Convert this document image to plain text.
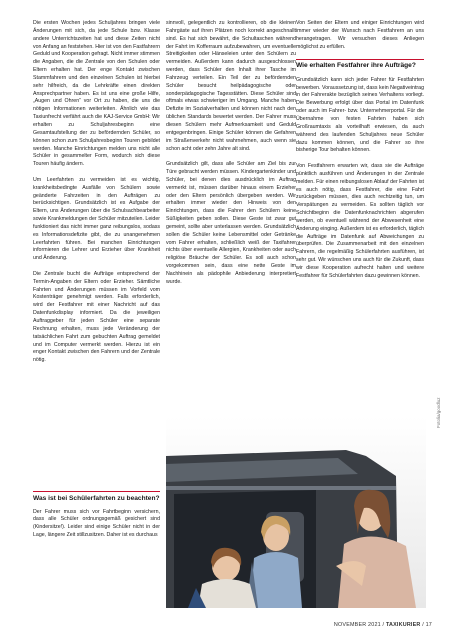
Die ersten Wochen jedes Schuljahres bringen viele Änderungen mit sich, da jede Schule bzw. Klasse andere Unterrichtszeiten hat und diese Zeiten nicht von Anfang an feststehen. Hier ist von den Fastfahrern Geduld und Kooperation gefragt. Nicht immer stimmen die Angaben, die die Zentrale von den Schulen oder Eltern erhalten hat. Der enge Kontakt zwischen Stammfahrern und den einzelnen Schulen ist hierbei sehr hilfreich, da die Lehrkräfte einen direkten Ansprechpartner haben. Es ist uns eine große Hilfe, „Augen und Ohren“ vor Ort zu haben, die uns die nötigen Informationen weiterleiten. Ähnlich wie das Taxiunfrecht verfährt auch die KAJ-Service GmbH: Wir erhalten zu Schuljahresbeginn eine Gesamtaufstellung der zu befördernden Schüler, so können schon zum Schuljahresbeginn Touren gebildet werden. Manche Einrichtungen melden uns nicht alle Schüler in gesammelter Form, wodurch sich diese Touren häufig ändern.

Um Leerfahrten zu vermeiden ist es wichtig, krankheitsbedingte Ausfälle von Schülern sowie geänderte Fahrzeiten in den Aufträgen zu berücksichtigen. Grundsätzlich ist es Aufgabe der Eltern, uns Änderungen über die Schulsachbearbeiter sowie Krankmeldungen der Schüler mitzuteilen. Leider funktioniert das nicht immer ganz reibungslos, sodass es Informationsdefizite gibt, die zu unangenehmen Leerfahrten führen. Bei manchen Einrichtungen informieren die Lehrer und Erzieher über Krankheit und Änderung.

Die Zentrale bucht die Aufträge entsprechend der Termin-Angaben der Eltern oder Erzieher. Sämtliche Fahrten und Änderungen müssen im Vorfeld vom Kostenträger genehmigt werden. Falls erforderlich, wird der Festfahrer mit einer Nachricht auf das Datenfunkdisplay informiert. Da die jeweiligen Auftraggeber für jeden Schüler eine separate Rechnung erhalten, muss jede Veränderung der tatsächlichen Fahrt zum gebuchten Auftrag gemeldet und im Computer vermerkt werden. Hierzu ist ein enger Kontakt zwischen den Fahrern und der Zentrale nötig.

Was ist bei Schülerfahrten zu beachten?

Der Fahrer muss sich vor Fahrtbeginn versichern, dass alle Schüler ordnungsgemäß gesichert sind (Kindersitze!). Leider sind einige Schüler nicht in der Lage, längere Zeit stillzusitzen. Daher ist es durchaus

sinnvoll, gelegentlich zu kontrollieren, ob die kleinen Fahrgäste auf ihren Plätzen noch korrekt angeschnallt sind. Es hat sich bewährt, die Schultaschen während der Fahrt im Kofferraum aufzubewahren, um eventuelle Streitigkeiten oder Hänseleien unter den Schülern zu vermeiden. Außerdem kann dadurch ausgeschlossen werden, dass Schüler den Inhalt ihrer Tasche im Fahrzeug verteilen. Ein Teil der zu befördernden Schüler besucht heilpädagogische oder sonderpädagogische Tagesstätten. Diese Schüler sind oftmals etwas schwieriger im Umgang. Manche haben Defizite im Sozialverhalten und können nicht nach den üblichen Standards bewertet werden. Der Fahrer muss diesen Schülern mehr Aufmerksamkeit und Geduld entgegenbringen. Einige Schüler können die Gefahren im Straßenverkehr nicht wahrnehmen, auch wenn sie schon acht oder zehn Jahre alt sind.

Grundsätzlich gilt, dass alle Schüler am Ziel bis zur Türe gebracht werden müssen. Kindergartenkinder und Schüler, bei denen dies ausdrücklich im Auftrag vermerkt ist, müssen darüber hinaus einem Erzieher oder den Eltern persönlich übergeben werden. Wir erhalten immer wieder den Hinweis von den Einrichtungen, dass die Fahrer den Schülern keine Süßigkeiten geben sollen. Diese Geste ist zwar gut gemeint, sollte aber unterlassen werden. Grundsätzlich sollen die Schüler keine Lebensmittel oder Getränke vom Fahrer erhalten, schließlich weiß der Taxifahrer nichts über eventuelle Allergien, Krankheiten oder auch religiöse Bräuche der Schüler. Es soll auch schon vorgekommen sein, dass eine nette Geste im Nachhinein als pädophile Anbiederung interpretiert wurde.

Von Seiten der Eltern und einiger Einrichtungen wird immer wieder der Wunsch nach Festfahrern an uns herangetragen. Wir versuchen dieses Anliegen möglichst zu erfüllen.

Wie erhalten Festfahrer ihre Aufträge?

Grundsätzlich kann sich jeder Fahrer für Festfahrten bewerben. Voraussetzung ist, dass kein Negativeintrag in der Fahrerakte bezüglich seines Verhaltens vorliegt. Die Bewerbung erfolgt über das Portal im Datenfunk oder auch im Fahrer- bzw. Unternehmerportal. Für die Übernahme von festen Fahrten haben sich Großraumtaxis als vorteilhaft erwiesen, da auch während des laufenden Schuljahres neue Schüler dazu kommen können, und die Fahrer so ihre bisherige Tour behalten können.

Von Festfahrern erwarten wir, dass sie die Aufträge pünktlich ausführen und Änderungen in der Zentrale melden. Für einen reibungslosen Ablauf der Fahrten ist es auch nötig, dass Festfahrer, die eine Fahrt zurückgeben müssen, dies auch rechtzeitig tun, um Verspätungen zu vermeiden. Es sollten täglich vor Schichtbeginn die Datenfunknachrichten abgerufen werden, ob eventuell während der Abwesenheit eine Änderung einging. Außerdem ist es erforderlich, täglich die Aufträge im Datenfunk auf Abweichungen zu überprüfen. Die Zusammenarbeit mit den einzelnen Fahrern, die regelmäßig Schülerfahrten ausführen, ist sehr gut. Wir wünschen uns auch für die Zukunft, dass wir diese Kooperation aufrecht halten und weitere Festfahrer für Schülerfahrten dazu gewinnen können.

Fotolia/goodluz
NOVEMBER 2021 / TAXIKURIER / 17
